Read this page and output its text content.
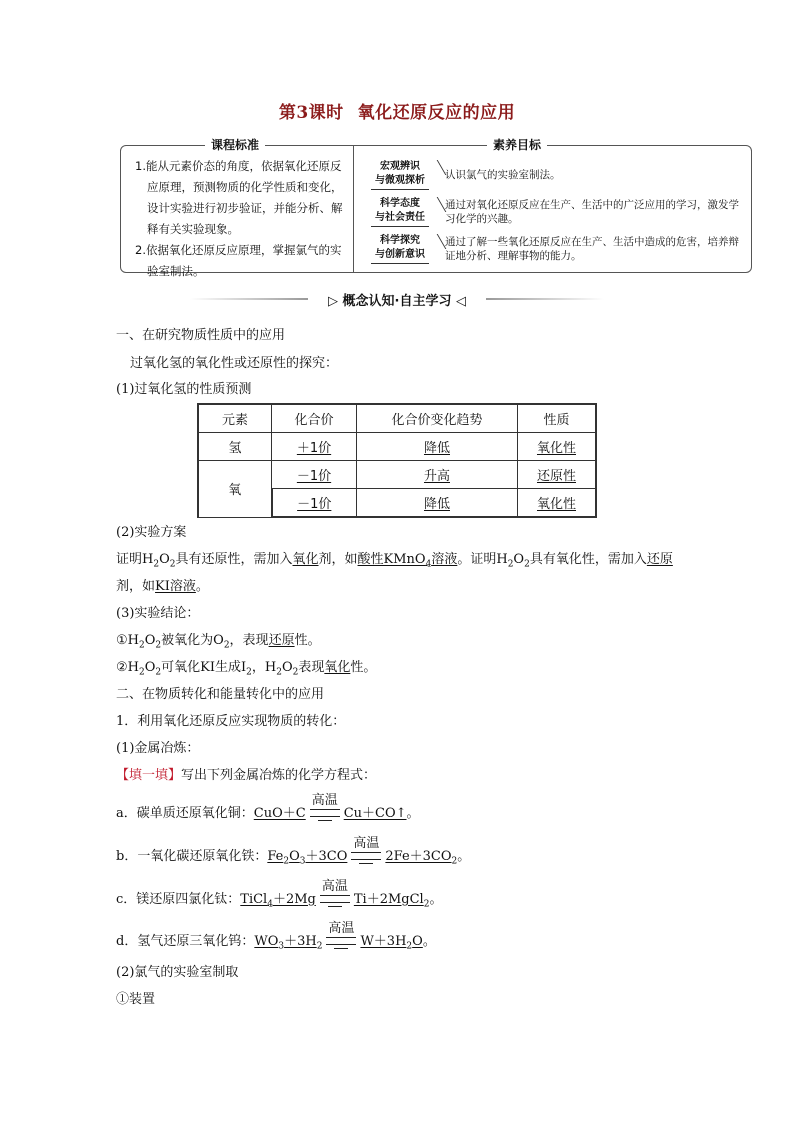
第3课时 氧化还原反应的应用
课程标准	素养目标

1.能从元素价态的角度，依据氧化还原反应原理，预测物质的化学性质和变化，设计实验进行初步验证，并能分析、解释有关实验现象。

2.依据氧化还原反应原理，掌握氯气的实验室制法。

宏观辨识
与微观探析	认识氯气的实验室制法。
科学态度
与社会责任
通过对氧化还原反应在生产、生活中的广泛应用的学习，激发学习化学的兴趣。
科学探究
与创新意识
通过了解一些氧化还原反应在生产、生活中造成的危害，培养辩证地分析、理解事物的能力。
▷ 概念认知·自主学习 ◁
一、在研究物质性质中的应用
过氧化氢的氧化性或还原性的探究：
(1)过氧化氢的性质预测
元素	化合价	化合价变化趋势	性质
氢	＋1价	降低	氧化性
氧	－1价	升高	还原性
	－1价	降低	氧化性
(2)实验方案
证明$H_2O_2$具有还原性，需加入氧化剂，如酸性KMnO$_4$溶液。证明$H_2O_2$具有氧化性，需加入还原
剂，如KI溶液。
(3)实验结论：
$①H_2O_2$被氧化为$O_2$，表现还原性。
$②H_2O_2$可氧化KI生成$I_2$，$H_2O_2$表现氧化性。
二、在物质转化和能量转化中的应用
1．利用氧化还原反应实现物质的转化：
(1)金属冶炼：
【填一填】写出下列金属冶炼的化学方程式：
a．碳单质还原氧化铜：CuO＋C
高温
Cu＋CO↑。
b．一氧化碳还原氧化铁：$Fe_2O_3+3CO$
高温
$2Fe+3CO_2$。
c．镁还原四氯化钛：TiCl$_4$＋2Mg
高温
Ti＋2MgCl$_2$。
d．氢气还原三氧化钨：$WO_3+3H_2$
高温
$W+3H_2O$。
(2)氯气的实验室制取
①装置
